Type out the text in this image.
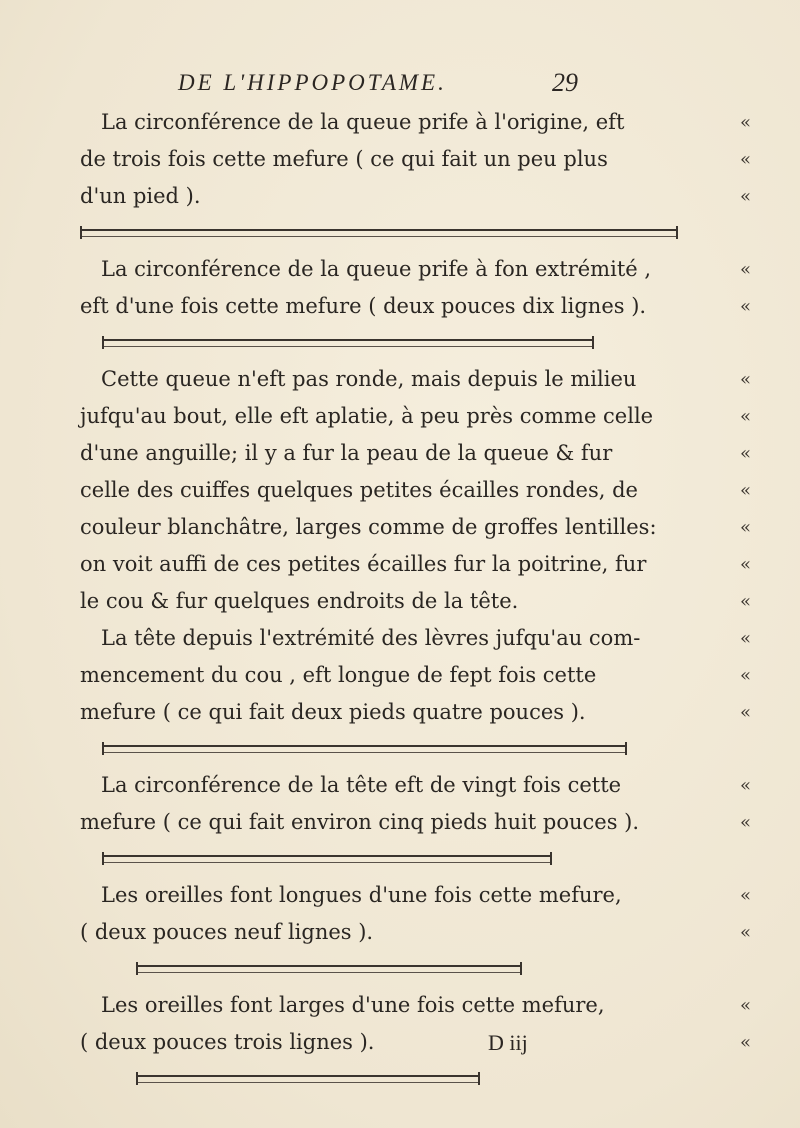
DE L'HIPPOPOTAME.	29
La circonférence de la queue prife à l'origine, eft	«
de trois fois cette mefure ( ce qui fait un peu plus	«
d'un pied ).	«
La circonférence de la queue prife à fon extrémité ,	«
eft d'une fois cette mefure ( deux pouces dix lignes ).	«
Cette queue n'eft pas ronde, mais depuis le milieu	«
jufqu'au bout, elle eft aplatie, à peu près comme celle	«
d'une anguille; il y a fur la peau de la queue & fur	«
celle des cuiffes quelques petites écailles rondes, de	«
couleur blanchâtre, larges comme de groffes lentilles:	«
on voit auffi de ces petites écailles fur la poitrine, fur	«
le cou & fur quelques endroits de la tête.	«
La tête depuis l'extrémité des lèvres jufqu'au com-	«
mencement du cou , eft longue de fept fois cette	«
mefure ( ce qui fait deux pieds quatre pouces ).	«
La circonférence de la tête eft de vingt fois cette	«
mefure ( ce qui fait environ cinq pieds huit pouces ).	«
Les oreilles font longues d'une fois cette mefure,	«
( deux pouces neuf lignes ).	«
Les oreilles font larges d'une fois cette mefure,	«
( deux pouces trois lignes ).	«
D iij
